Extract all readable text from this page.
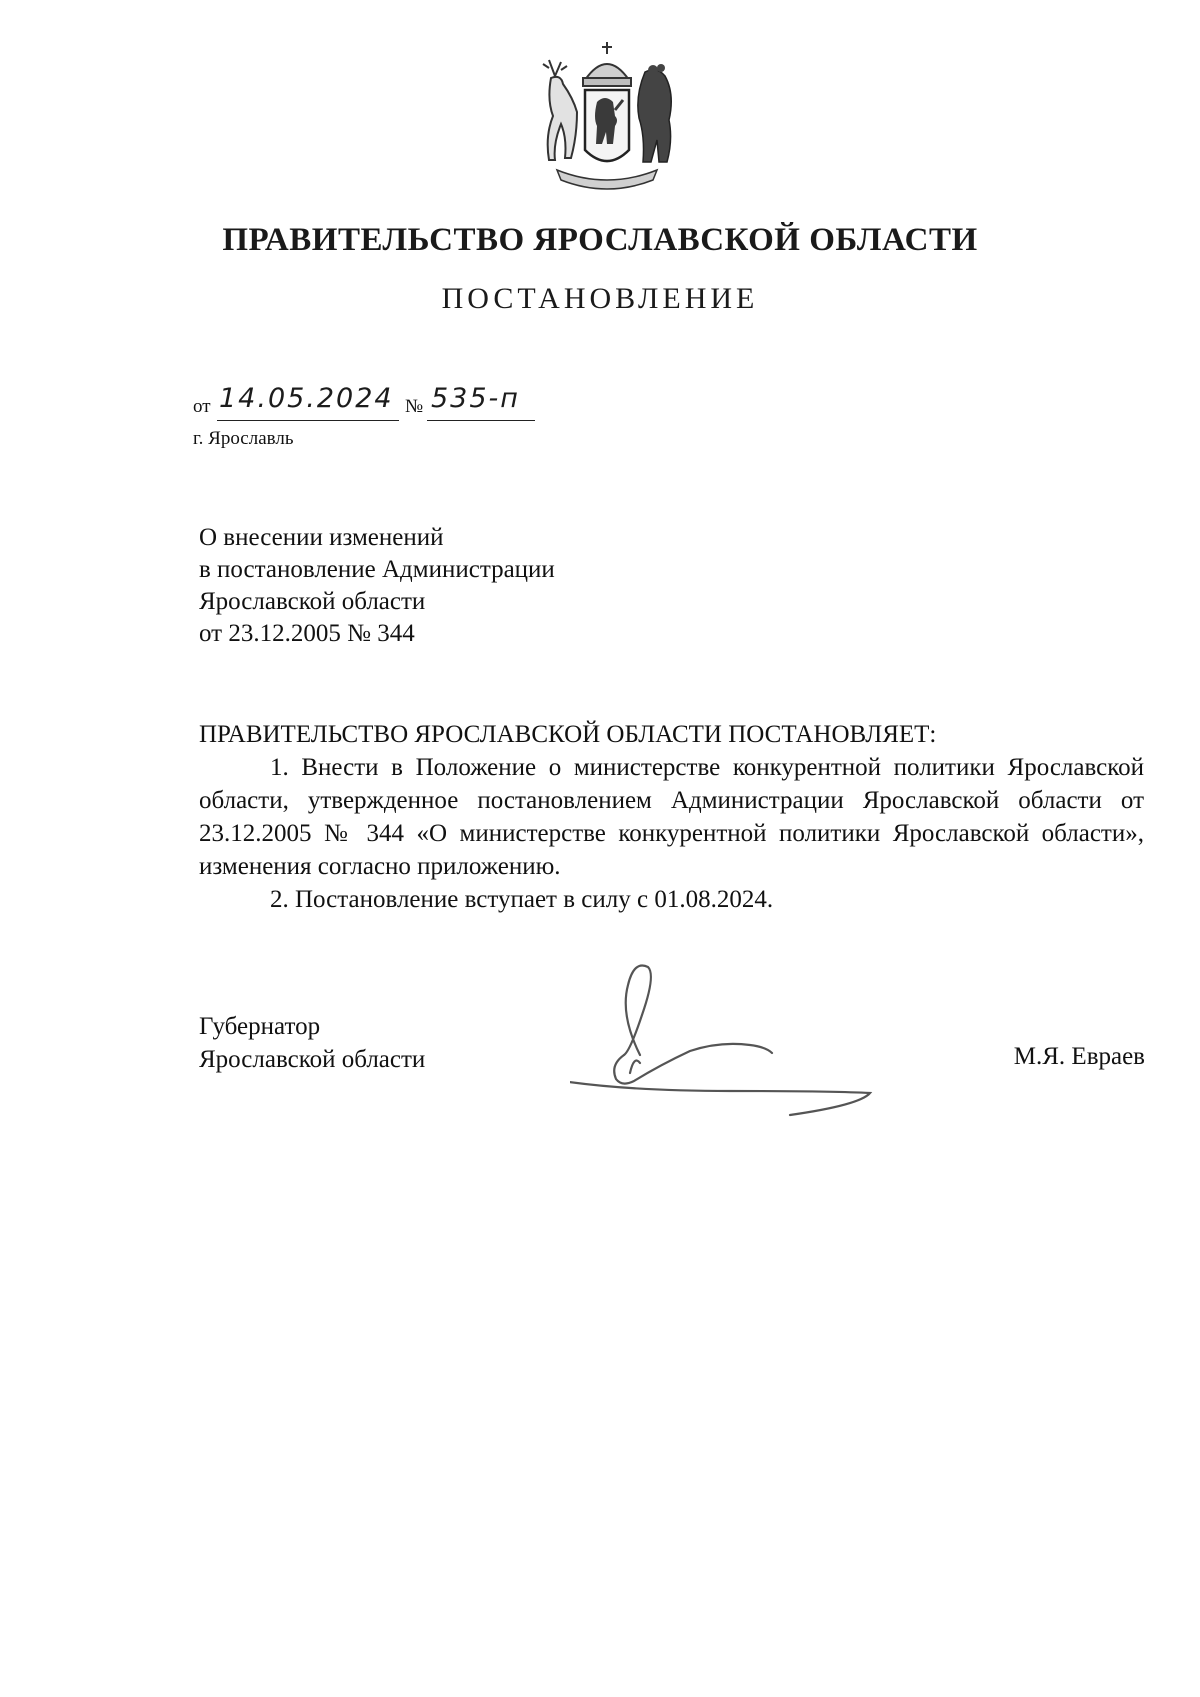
ПРАВИТЕЛЬСТВО ЯРОСЛАВСКОЙ ОБЛАСТИ
ПОСТАНОВЛЕНИЕ
от 14.05.2024 № 535-п
г. Ярославль
О внесении изменений
в постановление Администрации
Ярославской области
от 23.12.2005 № 344
ПРАВИТЕЛЬСТВО ЯРОСЛАВСКОЙ ОБЛАСТИ ПОСТАНОВЛЯЕТ:
1. Внести в Положение о министерстве конкурентной политики Ярославской области, утвержденное постановлением Администрации Ярославской области от 23.12.2005 № 344 «О министерстве конкурентной политики Ярославской области», изменения согласно приложению.
2. Постановление вступает в силу с 01.08.2024.
Губернатор
Ярославской области	М.Я. Евраев
